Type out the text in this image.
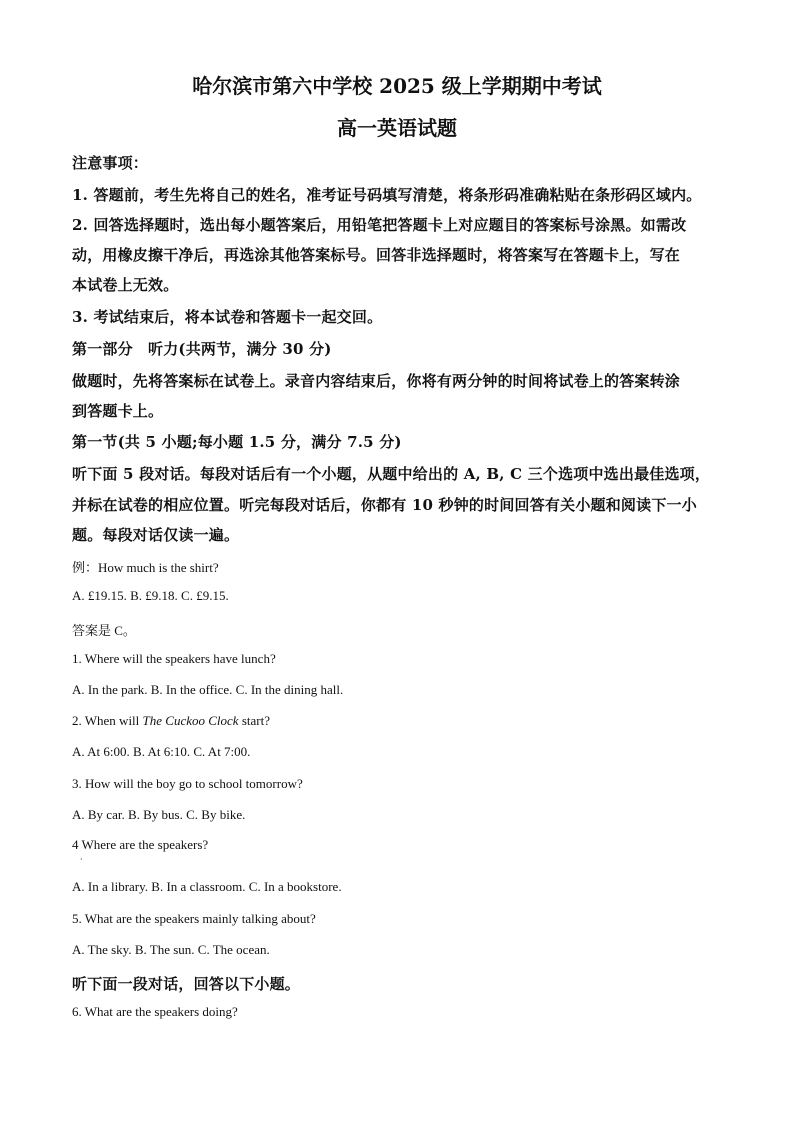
哈尔滨市第六中学校 2025 级上学期期中考试
高一英语试题
注意事项：
1. 答题前，考生先将自己的姓名，准考证号码填写清楚，将条形码准确粘贴在条形码区域内。
2. 回答选择题时，选出每小题答案后，用铅笔把答题卡上对应题目的答案标号涂黑。如需改
动，用橡皮擦干净后，再选涂其他答案标号。回答非选择题时，将答案写在答题卡上，写在
本试卷上无效。
3. 考试结束后，将本试卷和答题卡一起交回。
第一部分　听力(共两节，满分 30 分)
做题时，先将答案标在试卷上。录音内容结束后，你将有两分钟的时间将试卷上的答案转涂
到答题卡上。
第一节(共 5 小题;每小题 1.5 分，满分 7.5 分)
听下面 5 段对话。每段对话后有一个小题，从题中给出的 A, B, C 三个选项中选出最佳选项，
并标在试卷的相应位置。听完每段对话后，你都有 10 秒钟的时间回答有关小题和阅读下一小
题。每段对话仅读一遍。
例：How much is the shirt?
A. £19.15. B. £9.18. C. £9.15.
答案是 C。
1. Where will the speakers have lunch?
A. In the park. B. In the office. C. In the dining hall.
2. When will The Cuckoo Clock start?
A. At 6:00. B. At 6:10. C. At 7:00.
3. How will the boy go to school tomorrow?
A. By car. B. By bus. C. By bike.
4 Where are the speakers?
·
A. In a library. B. In a classroom. C. In a bookstore.
5. What are the speakers mainly talking about?
A. The sky. B. The sun. C. The ocean.
听下面一段对话，回答以下小题。
6. What are the speakers doing?
